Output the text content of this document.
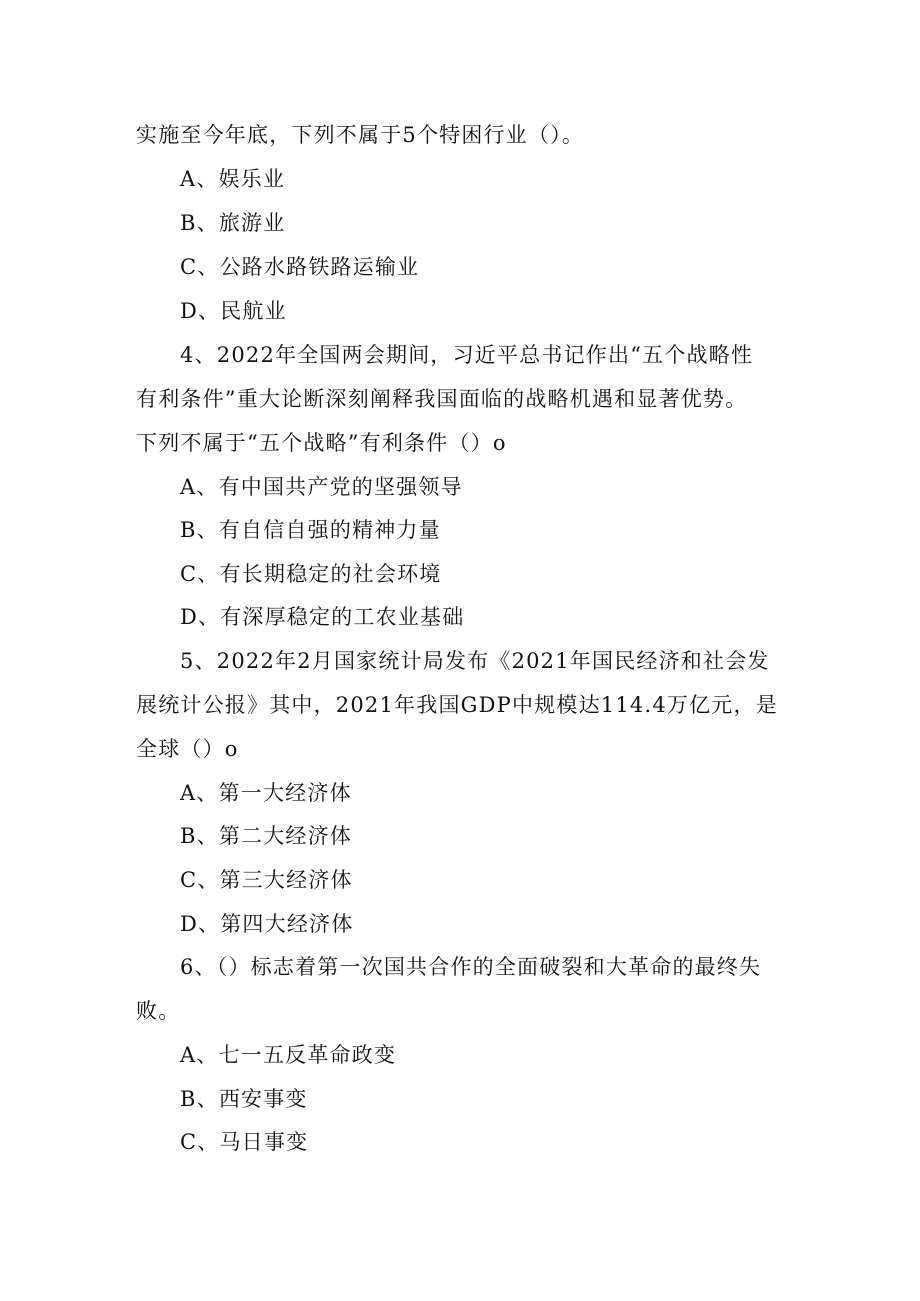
实施至今年底，下列不属于5个特困行业（）。
A、娱乐业
B、旅游业
C、公路水路铁路运输业
D、民航业
4、2022年全国两会期间，习近平总书记作出“五个战略性
有利条件”重大论断深刻阐释我国面临的战略机遇和显著优势。
下列不属于“五个战略”有利条件（）o
A、有中国共产党的坚强领导
B、有自信自强的精神力量
C、有长期稳定的社会环境
D、有深厚稳定的工农业基础
5、2022年2月国家统计局发布《2021年国民经济和社会发
展统计公报》其中，2021年我国GDP中规模达114.4万亿元，是
全球（）o
A、第一大经济体
B、第二大经济体
C、第三大经济体
D、第四大经济体
6、（）标志着第一次国共合作的全面破裂和大革命的最终失
败。
A、七一五反革命政变
B、西安事变
C、马日事变
